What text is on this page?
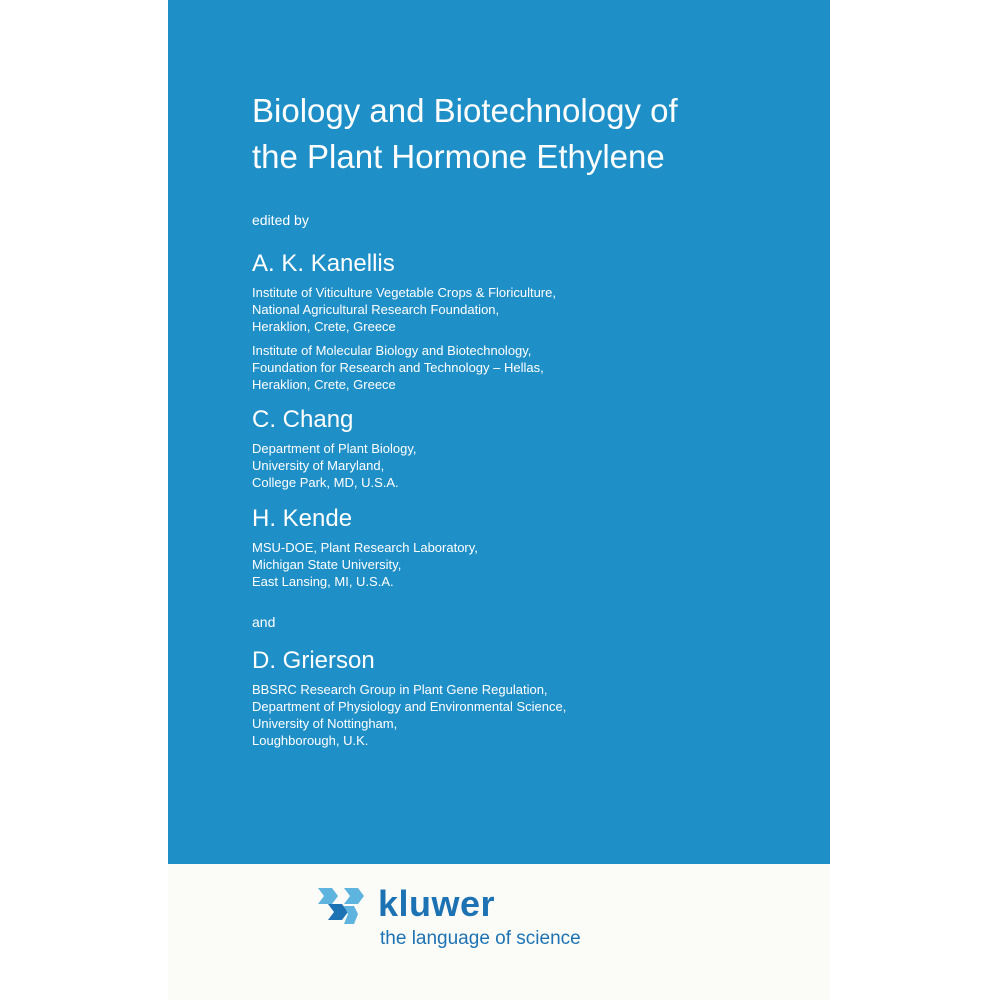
Biology and Biotechnology of
the Plant Hormone Ethylene
edited by
A. K. Kanellis
Institute of Viticulture Vegetable Crops & Floriculture,
National Agricultural Research Foundation,
Heraklion, Crete, Greece
Institute of Molecular Biology and Biotechnology,
Foundation for Research and Technology – Hellas,
Heraklion, Crete, Greece
C. Chang
Department of Plant Biology,
University of Maryland,
College Park, MD, U.S.A.
H. Kende
MSU-DOE, Plant Research Laboratory,
Michigan State University,
East Lansing, MI, U.S.A.
and
D. Grierson
BBSRC Research Group in Plant Gene Regulation,
Department of Physiology and Environmental Science,
University of Nottingham,
Loughborough, U.K.
kluwer
the language of science
